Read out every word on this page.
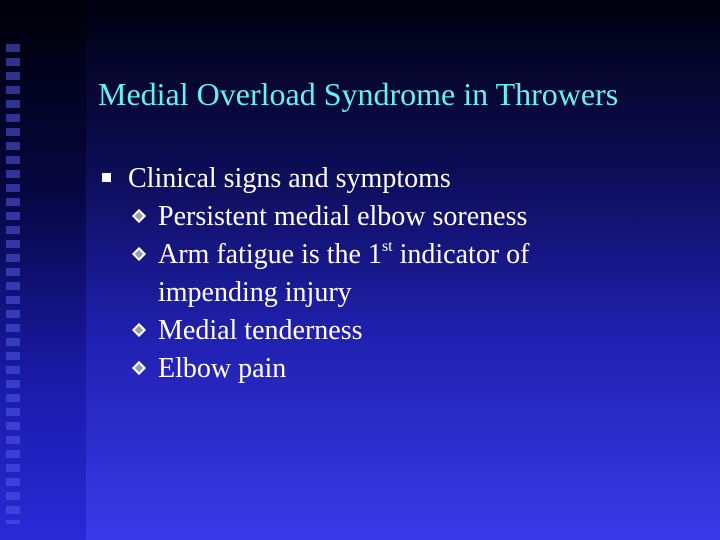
Medial Overload Syndrome in Throwers
Clinical signs and symptoms
Persistent medial elbow soreness
Arm fatigue is the 1st indicator of
impending injury
Medial tenderness
Elbow pain
